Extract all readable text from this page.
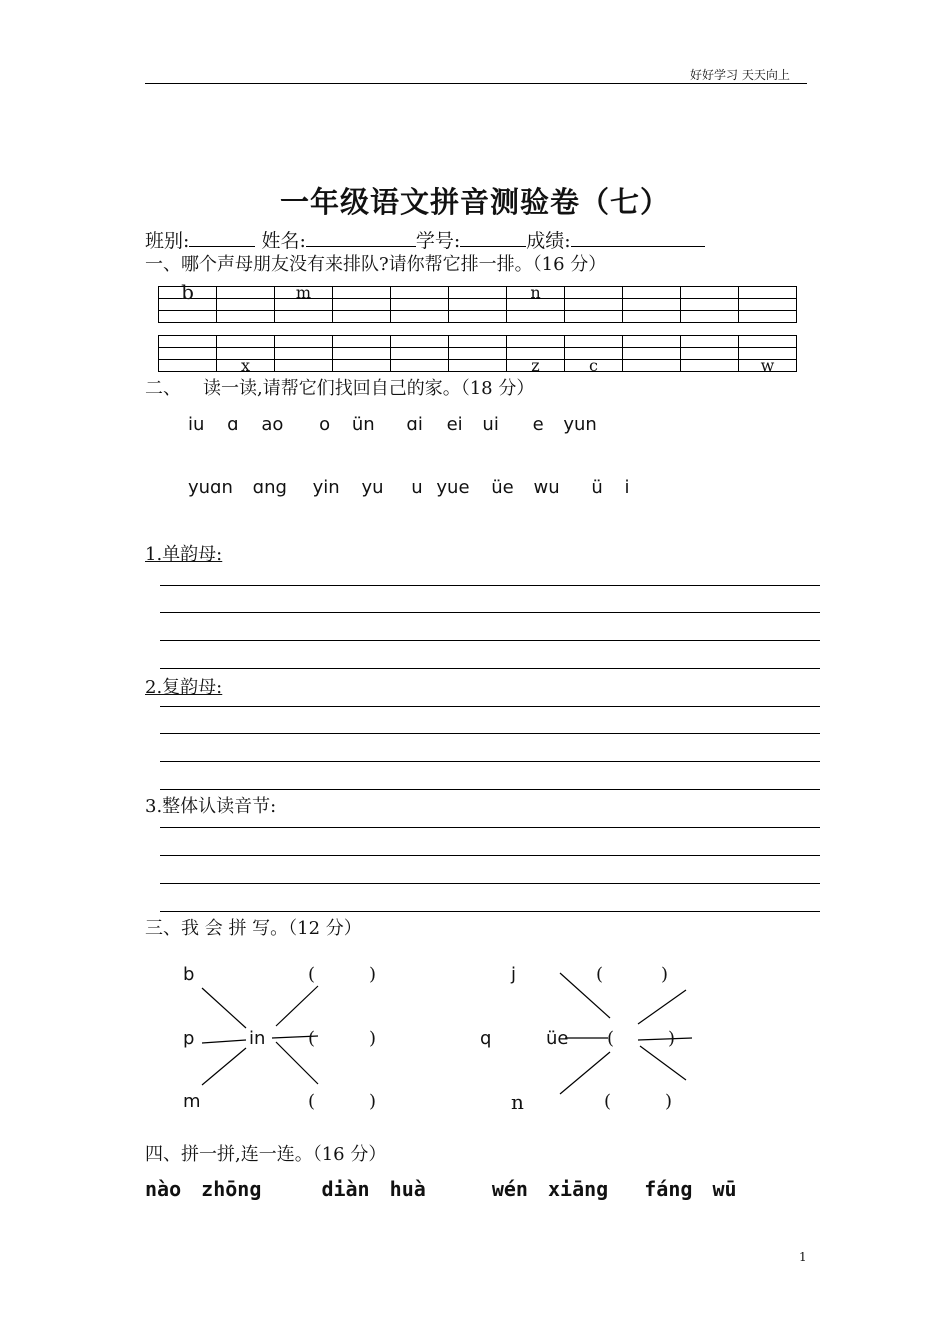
好好学习 天天向上
一年级语文拼音测验卷（七）
班别:	姓名:	学号:	成绩:
一、哪个声母朋友没有来排队?请你帮它排一排。（16 分）
b		m				n				

	x					z	c			w
二、 读一读,请帮它们找回自己的家。（18 分）
iu ɑ ao o ün ɑi ei ui e yun
yuɑn ɑng yin yu u yue üe wu ü i
1.单韵母:
2.复韵母:
3.整体认读音节:
三、我 会 拼 写。（12 分）
b
p
m
in
(	)
(	)
(	)
j
q
n
üe
(	)
(	)
(	)
四、拼一拼,连一连。（16 分）
nào zhōng	diàn huà	wén xiāng fáng wū
1
